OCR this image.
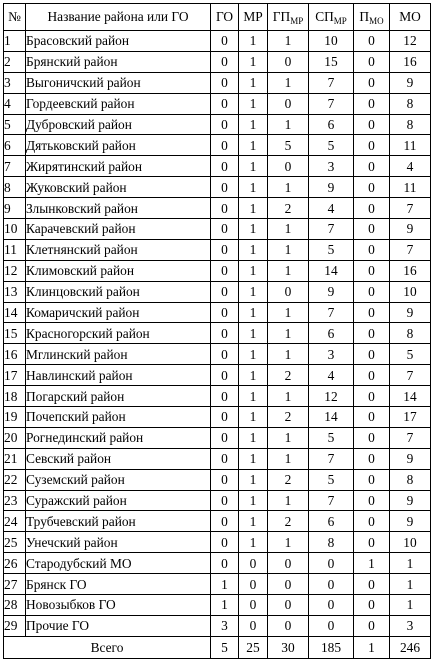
№	Название района или ГО	ГО	МР	$ГП_{МР}$	$СП_{МР}$	$П_{МО}$	МО
1	Брасовский район	0	1	1	10	0	12
2	Брянский район	0	1	0	15	0	16
3	Выгоничский район	0	1	1	7	0	9
4	Гордеевский район	0	1	0	7	0	8
5	Дубровский район	0	1	1	6	0	8
6	Дятьковский район	0	1	5	5	0	11
7	Жирятинский район	0	1	0	3	0	4
8	Жуковский район	0	1	1	9	0	11
9	Злынковский район	0	1	2	4	0	7
10	Карачевский район	0	1	1	7	0	9
11	Клетнянский район	0	1	1	5	0	7
12	Климовский район	0	1	1	14	0	16
13	Клинцовский район	0	1	0	9	0	10
14	Комаричский район	0	1	1	7	0	9
15	Красногорский район	0	1	1	6	0	8
16	Мглинский район	0	1	1	3	0	5
17	Навлинский район	0	1	2	4	0	7
18	Погарский район	0	1	1	12	0	14
19	Почепский район	0	1	2	14	0	17
20	Рогнединский район	0	1	1	5	0	7
21	Севский район	0	1	1	7	0	9
22	Суземский район	0	1	2	5	0	8
23	Суражский район	0	1	1	7	0	9
24	Трубчевский район	0	1	2	6	0	9
25	Унечский район	0	1	1	8	0	10
26	Стародубский МО	0	0	0	0	1	1
27	Брянск ГО	1	0	0	0	0	1
28	Новозыбков ГО	1	0	0	0	0	1
29	Прочие ГО	3	0	0	0	0	3
Всего		5	25	30	185	1	246
